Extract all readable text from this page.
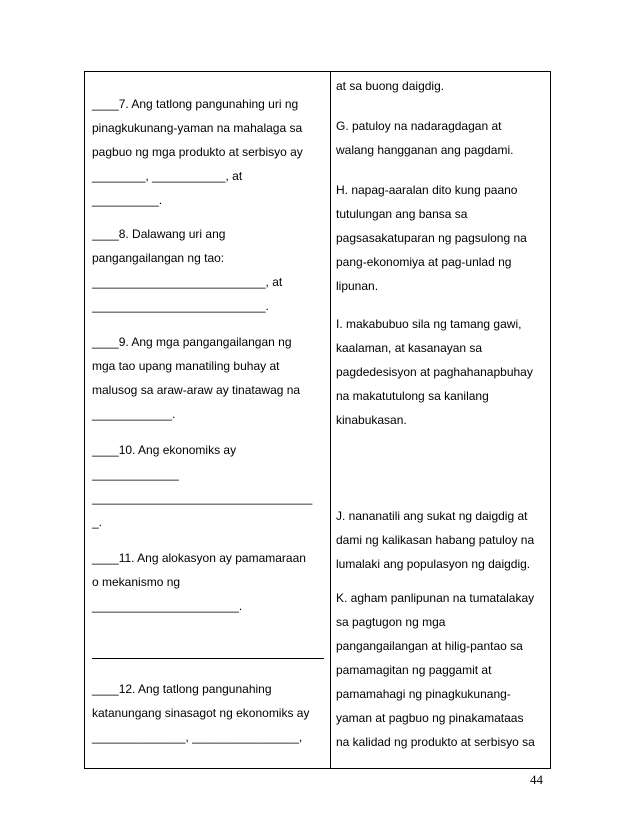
____7. Ang tatlong pangunahing uri ng
pinagkukunang-yaman na mahalaga sa
pagbuo ng mga produkto at serbisyo ay
________, ___________, at
__________.
____8. Dalawang uri ang
pangangailangan ng tao:
__________________________, at
__________________________.
____9. Ang mga pangangailangan ng
mga tao upang manatiling buhay at
malusog sa araw-araw ay tinatawag na
____________.
____10. Ang ekonomiks ay
_____________
_________________________________
_.
____11. Ang alokasyon ay pamamaraan
o mekanismo ng
______________________.
____12. Ang tatlong pangunahing
katanungang sinasagot ng ekonomiks ay
______________, ________________,
at sa buong daigdig.
G. patuloy na nadaragdagan at
walang hangganan ang pagdami.
H. napag-aaralan dito kung paano
tutulungan ang bansa sa
pagsasakatuparan ng pagsulong na
pang-ekonomiya at pag-unlad ng
lipunan.
I. makabubuo sila ng tamang gawi,
kaalaman, at kasanayan sa
pagdedesisyon at paghahanapbuhay
na makatutulong sa kanilang
kinabukasan.
J. nananatili ang sukat ng daigdig at
dami ng kalikasan habang patuloy na
lumalaki ang populasyon ng daigdig.
K. agham panlipunan na tumatalakay
sa pagtugon ng mga
pangangailangan at hilig-pantao sa
pamamagitan ng paggamit at
pamamahagi ng pinagkukunang-
yaman at pagbuo ng pinakamataas
na kalidad ng produkto at serbisyo sa
44
